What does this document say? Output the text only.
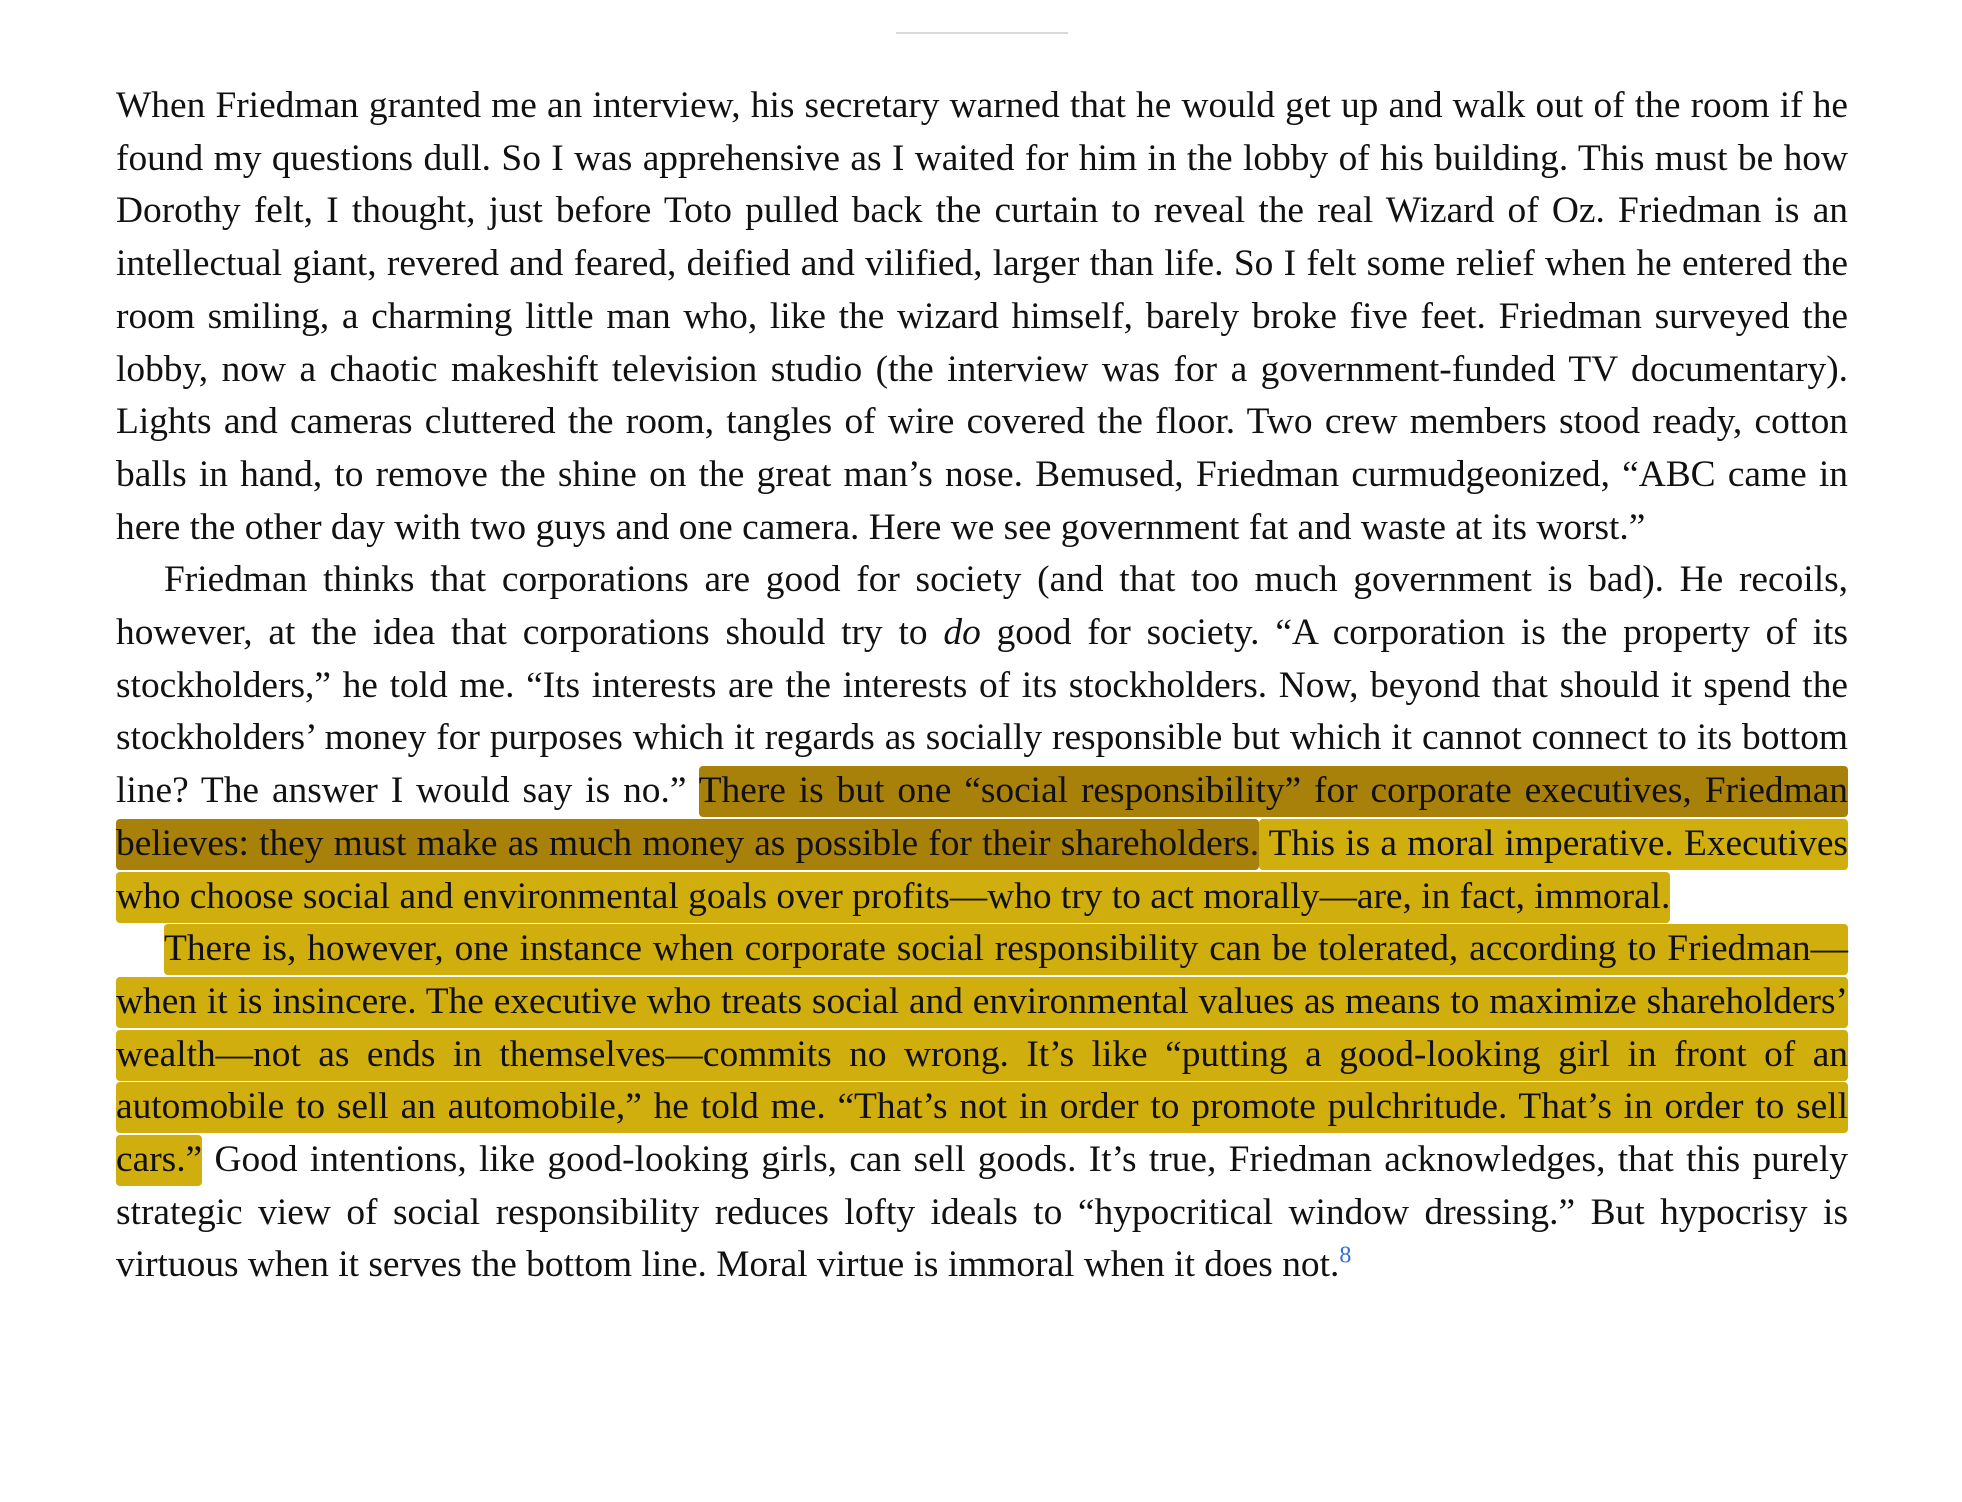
When Friedman granted me an interview, his secretary warned that he would get up and walk out of the room if he found my questions dull. So I was apprehensive as I waited for him in the lobby of his building. This must be how Dorothy felt, I thought, just before Toto pulled back the curtain to reveal the real Wizard of Oz. Friedman is an intellectual giant, revered and feared, deified and vilified, larger than life. So I felt some relief when he entered the room smiling, a charming little man who, like the wizard himself, barely broke five feet. Friedman surveyed the lobby, now a chaotic makeshift television studio (the interview was for a government-funded TV documentary). Lights and cameras cluttered the room, tangles of wire covered the floor. Two crew members stood ready, cotton balls in hand, to remove the shine on the great man’s nose. Bemused, Friedman curmudgeonized, “ABC came in here the other day with two guys and one camera. Here we see government fat and waste at its worst.”

Friedman thinks that corporations are good for society (and that too much government is bad). He recoils, however, at the idea that corporations should try to do good for society. “A corporation is the property of its stockholders,” he told me. “Its interests are the interests of its stockholders. Now, beyond that should it spend the stockholders’ money for purposes which it regards as socially responsible but which it cannot connect to its bottom line? The answer I would say is no.” There is but one “social responsibility” for corporate executives, Friedman believes: they must make as much money as possible for their shareholders. This is a moral imperative. Executives who choose social and environmental goals over profits—who try to act morally—are, in fact, immoral.

There is, however, one instance when corporate social responsibility can be tolerated, according to Friedman—when it is insincere. The executive who treats social and environmental values as means to maximize shareholders’ wealth—not as ends in themselves—commits no wrong. It’s like “putting a good-looking girl in front of an automobile to sell an automobile,” he told me. “That’s not in order to promote pulchritude. That’s in order to sell cars.” Good intentions, like good-looking girls, can sell goods. It’s true, Friedman acknowledges, that this purely strategic view of social responsibility reduces lofty ideals to “hypocritical window dressing.” But hypocrisy is virtuous when it serves the bottom line. Moral virtue is immoral when it does not.$^8$
